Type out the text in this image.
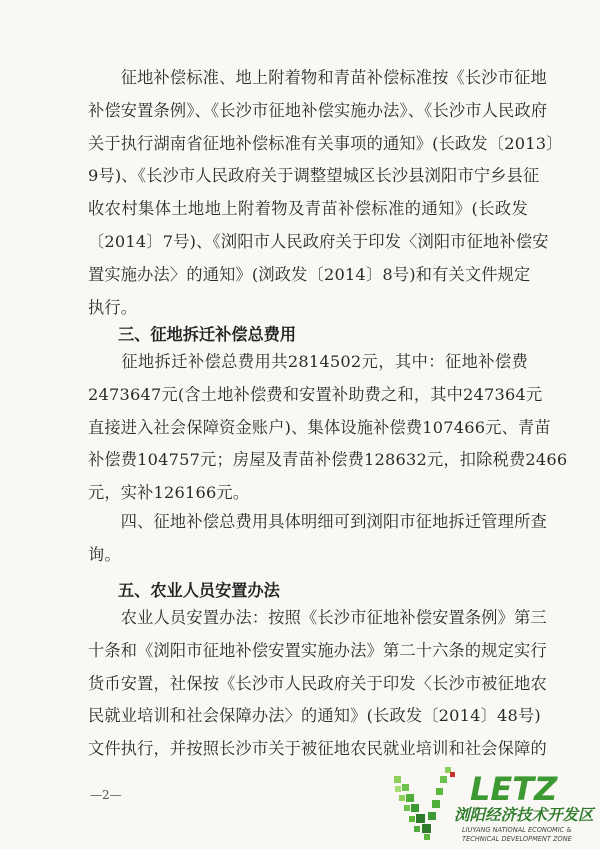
　　征地补偿标准、地上附着物和青苗补偿标准按《长沙市征地
补偿安置条例》、《长沙市征地补偿实施办法》、《长沙市人民政府
关于执行湖南省征地补偿标准有关事项的通知》(长政发〔2013〕
9号)、《长沙市人民政府关于调整望城区长沙县浏阳市宁乡县征
收农村集体土地地上附着物及青苗补偿标准的通知》(长政发
〔2014〕7号)、《浏阳市人民政府关于印发〈浏阳市征地补偿安
置实施办法〉的通知》(浏政发〔2014〕8号)和有关文件规定
执行。
三、征地拆迁补偿总费用
　　征地拆迁补偿总费用共2814502元，其中：征地补偿费
2473647元(含土地补偿费和安置补助费之和，其中247364元
直接进入社会保障资金账户)、集体设施补偿费107466元、青苗
补偿费104757元；房屋及青苗补偿费128632元，扣除税费2466
元，实补126166元。
　　四、征地补偿总费用具体明细可到浏阳市征地拆迁管理所查
询。
五、农业人员安置办法
　　农业人员安置办法：按照《长沙市征地补偿安置条例》第三
十条和《浏阳市征地补偿安置实施办法》第二十六条的规定实行
货币安置，社保按《长沙市人民政府关于印发〈长沙市被征地农
民就业培训和社会保障办法〉的通知》(长政发〔2014〕48号)
文件执行，并按照长沙市关于被征地农民就业培训和社会保障的
—2—	LETZ
浏阳经济技术开发区
LIUYANG NATIONAL ECONOMIC &
TECHNICAL DEVELOPMENT ZONE
